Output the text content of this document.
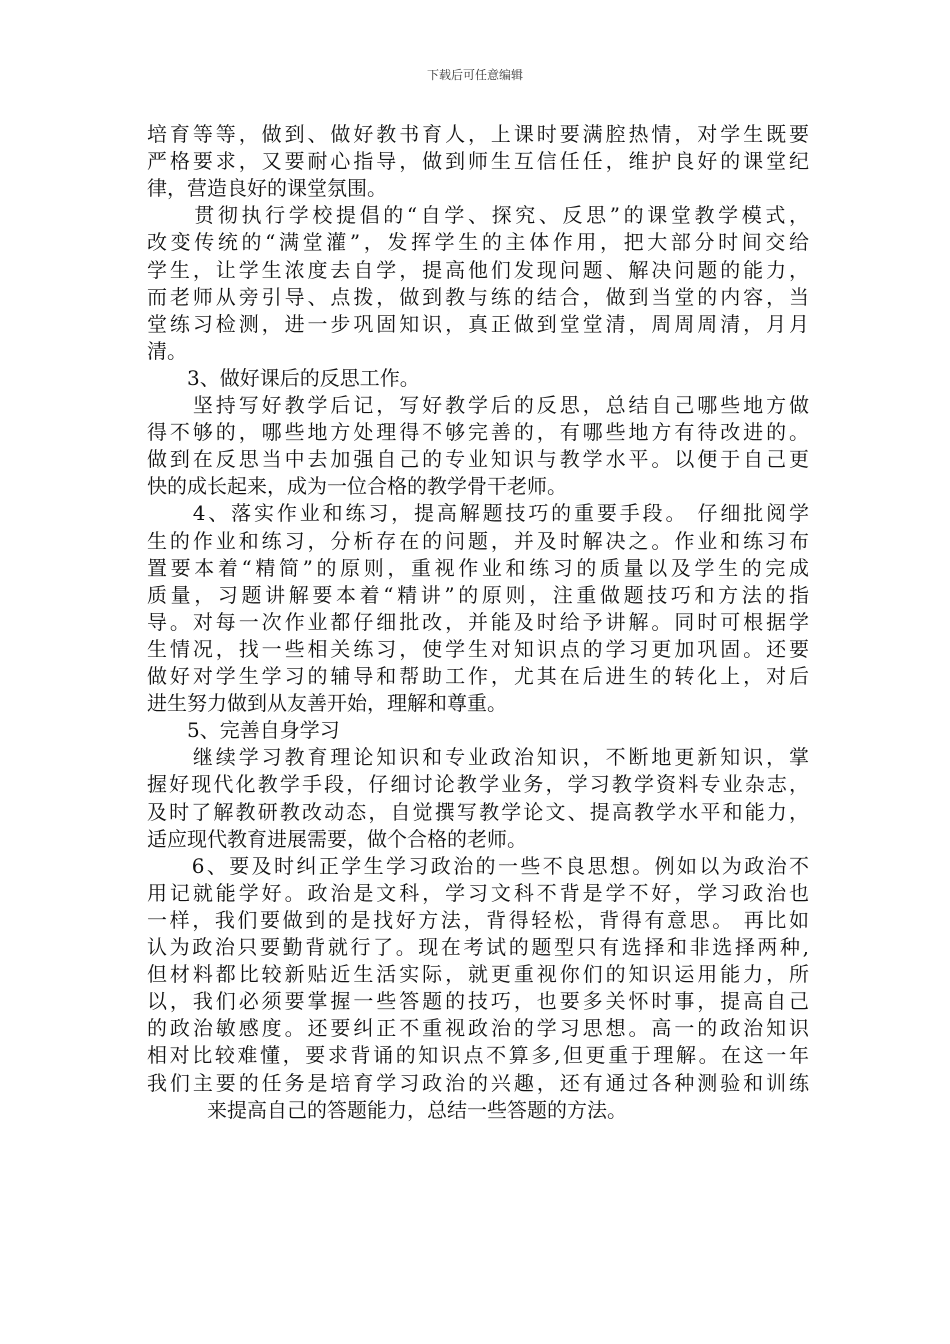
下载后可任意编辑
培育等等，做到、做好教书育人，上课时要满腔热情，对学生既要
严格要求，又要耐心指导，做到师生互信任任，维护良好的课堂纪
律，营造良好的课堂氛围。
　　贯彻执行学校提倡的“自学、探究、反思”的课堂教学模式，
改变传统的“满堂灌”，发挥学生的主体作用，把大部分时间交给
学生，让学生浓度去自学，提高他们发现问题、解决问题的能力，
而老师从旁引导、点拨，做到教与练的结合，做到当堂的内容，当
堂练习检测，进一步巩固知识，真正做到堂堂清，周周周清，月月
清。
　　3、做好课后的反思工作。
　　坚持写好教学后记，写好教学后的反思，总结自己哪些地方做
得不够的，哪些地方处理得不够完善的，有哪些地方有待改进的。
做到在反思当中去加强自己的专业知识与教学水平。以便于自己更
快的成长起来，成为一位合格的教学骨干老师。
　　4、落实作业和练习，提高解题技巧的重要手段。 仔细批阅学
生的作业和练习，分析存在的问题，并及时解决之。作业和练习布
置要本着“精简”的原则，重视作业和练习的质量以及学生的完成
质量，习题讲解要本着“精讲”的原则，注重做题技巧和方法的指
导。对每一次作业都仔细批改，并能及时给予讲解。同时可根据学
生情况，找一些相关练习，使学生对知识点的学习更加巩固。还要
做好对学生学习的辅导和帮助工作，尤其在后进生的转化上，对后
进生努力做到从友善开始，理解和尊重。
　　5、完善自身学习
　　继续学习教育理论知识和专业政治知识，不断地更新知识，掌
握好现代化教学手段，仔细讨论教学业务，学习教学资料专业杂志，
及时了解教研教改动态，自觉撰写教学论文、提高教学水平和能力，
适应现代教育进展需要，做个合格的老师。
　　6、要及时纠正学生学习政治的一些不良思想。例如以为政治不
用记就能学好。政治是文科，学习文科不背是学不好，学习政治也
一样，我们要做到的是找好方法，背得轻松，背得有意思。 再比如
认为政治只要勤背就行了。现在考试的题型只有选择和非选择两种,
但材料都比较新贴近生活实际，就更重视你们的知识运用能力，所
以，我们必须要掌握一些答题的技巧，也要多关怀时事，提高自己
的政治敏感度。还要纠正不重视政治的学习思想。高一的政治知识
相对比较难懂，要求背诵的知识点不算多,但更重于理解。在这一年
我们主要的任务是培育学习政治的兴趣，还有通过各种测验和训练
　　　来提高自己的答题能力，总结一些答题的方法。
